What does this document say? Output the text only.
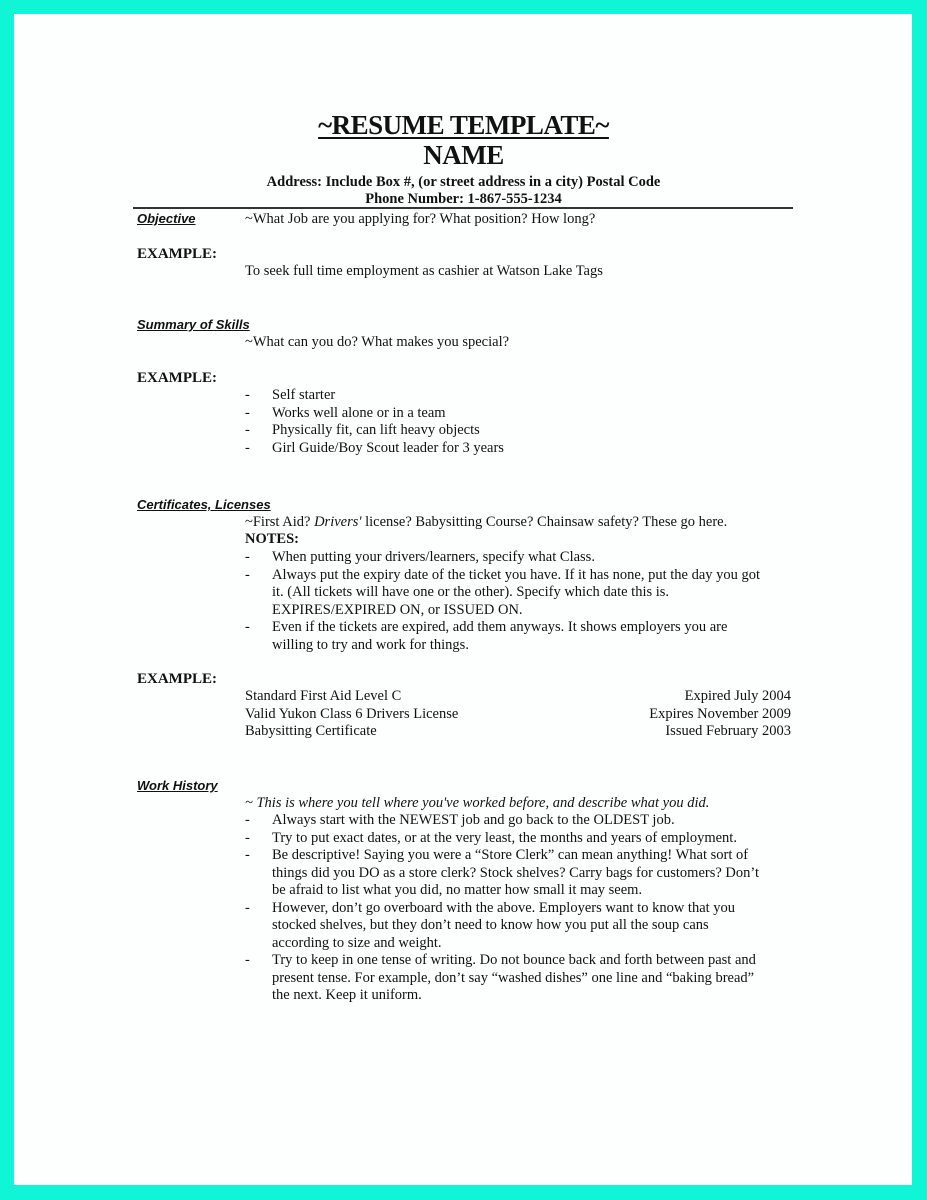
~RESUME TEMPLATE~
NAME
Address: Include Box #, (or street address in a city) Postal Code
Phone Number: 1-867-555-1234
Objective	~What Job are you applying for? What position? How long?
EXAMPLE:
To seek full time employment as cashier at Watson Lake Tags
Summary of Skills
~What can you do? What makes you special?
EXAMPLE:
- Self starter
- Works well alone or in a team
- Physically fit, can lift heavy objects
- Girl Guide/Boy Scout leader for 3 years
Certificates, Licenses
~First Aid? Drivers' license? Babysitting Course? Chainsaw safety? These go here.
NOTES:
- When putting your drivers/learners, specify what Class.
- Always put the expiry date of the ticket you have. If it has none, put the day you got
it. (All tickets will have one or the other). Specify which date this is.
EXPIRES/EXPIRED ON, or ISSUED ON.
- Even if the tickets are expired, add them anyways. It shows employers you are
willing to try and work for things.
EXAMPLE:
Standard First Aid Level C	Expired July 2004
Valid Yukon Class 6 Drivers License	Expires November 2009
Babysitting Certificate	Issued February 2003
Work History
~ This is where you tell where you've worked before, and describe what you did.
- Always start with the NEWEST job and go back to the OLDEST job.
- Try to put exact dates, or at the very least, the months and years of employment.
- Be descriptive! Saying you were a “Store Clerk” can mean anything! What sort of
things did you DO as a store clerk? Stock shelves? Carry bags for customers? Don’t
be afraid to list what you did, no matter how small it may seem.
- However, don’t go overboard with the above. Employers want to know that you
stocked shelves, but they don’t need to know how you put all the soup cans
according to size and weight.
- Try to keep in one tense of writing. Do not bounce back and forth between past and
present tense. For example, don’t say “washed dishes” one line and “baking bread”
the next. Keep it uniform.
